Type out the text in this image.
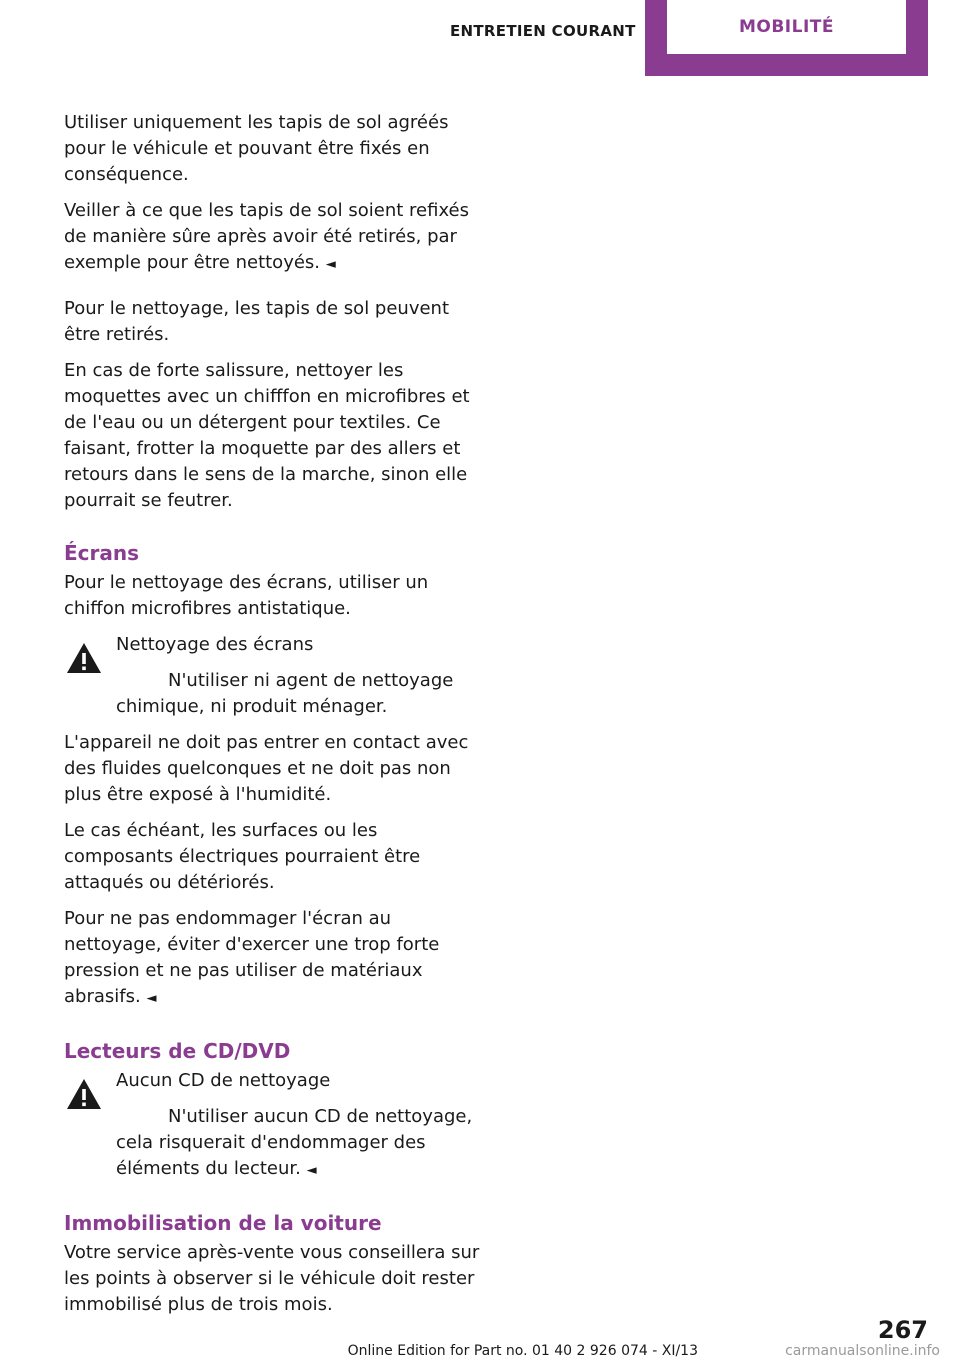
ENTRETIEN COURANT	MOBILITÉ

Utiliser uniquement les tapis de sol agréés pour le véhicule et pouvant être fixés en conséquence.

Veiller à ce que les tapis de sol soient refixés de manière sûre après avoir été retirés, par exemple pour être nettoyés. ◄

Pour le nettoyage, les tapis de sol peuvent être retirés.

En cas de forte salissure, nettoyer les moquettes avec un chifffon en microfibres et de l'eau ou un détergent pour textiles. Ce faisant, frotter la moquette par des allers et retours dans le sens de la marche, sinon elle pourrait se feutrer.

Écrans

Pour le nettoyage des écrans, utiliser un chiffon microfibres antistatique.

Nettoyage des écrans

N'utiliser ni agent de nettoyage chimique, ni produit ménager.

L'appareil ne doit pas entrer en contact avec des fluides quelconques et ne doit pas non plus être exposé à l'humidité.

Le cas échéant, les surfaces ou les composants électriques pourraient être attaqués ou détériorés.

Pour ne pas endommager l'écran au nettoyage, éviter d'exercer une trop forte pression et ne pas utiliser de matériaux abrasifs. ◄

Lecteurs de CD/DVD

Aucun CD de nettoyage

N'utiliser aucun CD de nettoyage, cela risquerait d'endommager des éléments du lecteur. ◄

Immobilisation de la voiture

Votre service après-vente vous conseillera sur les points à observer si le véhicule doit rester immobilisé plus de trois mois.

267
Online Edition for Part no. 01 40 2 926 074 - XI/13	carmanualsonline.info
